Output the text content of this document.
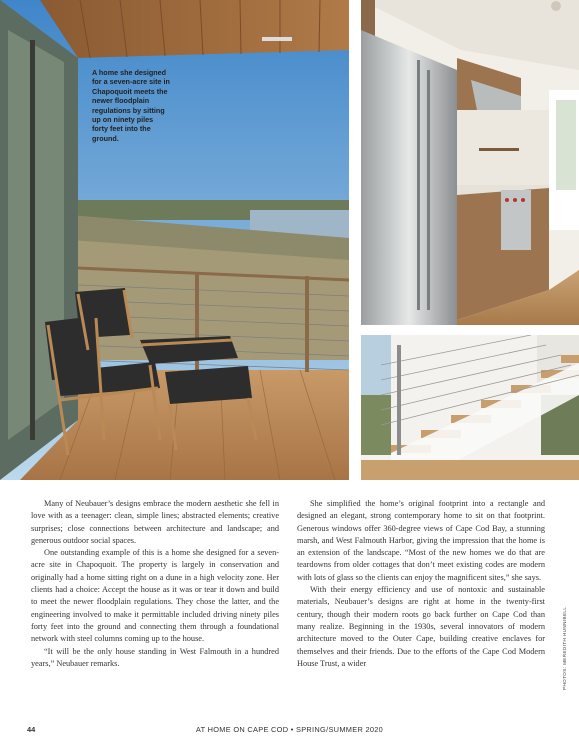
A home she designed for a seven-acre site in Chapoquoit meets the newer floodplain regulations by sitting up on ninety piles forty feet into the ground.

Many of Neubauer’s designs embrace the modern aesthetic she fell in love with as a teenager: clean, simple lines; abstracted elements; creative surprises; close connections between architecture and landscape; and generous outdoor social spaces.

One outstanding example of this is a home she designed for a seven-acre site in Chapoquoit. The property is largely in conservation and originally had a home sitting right on a dune in a high velocity zone. Her clients had a choice: Accept the house as it was or tear it down and build to meet the newer floodplain regulations. They chose the latter, and the engineering involved to make it permittable included driving ninety piles forty feet into the ground and connecting them through a foundational network with steel columns coming up to the house.

“It will be the only house standing in West Falmouth in a hundred years,” Neubauer remarks.

She simplified the home’s original footprint into a rectangle and designed an elegant, strong contemporary home to sit on that footprint. Generous windows offer 360-degree views of Cape Cod Bay, a stunning marsh, and West Falmouth Harbor, giving the impression that the home is an extension of the landscape. “Most of the new homes we do that are teardowns from older cottages that don’t meet existing codes are modern with lots of glass so the clients can enjoy the magnificent sites,” she says.

With their energy efficiency and use of nontoxic and sustainable materials, Neubauer’s designs are right at home in the twenty-first century, though their modern roots go back further on Cape Cod than many realize. Beginning in the 1930s, several innovators of modern architecture moved to the Outer Cape, building creative enclaves for themselves and their friends. Due to the efforts of the Cape Cod Modern House Trust, a wider	PHOTOS: MEREDITH HUNNIBELL
44	AT HOME ON CAPE COD • SPRING/SUMMER 2020
